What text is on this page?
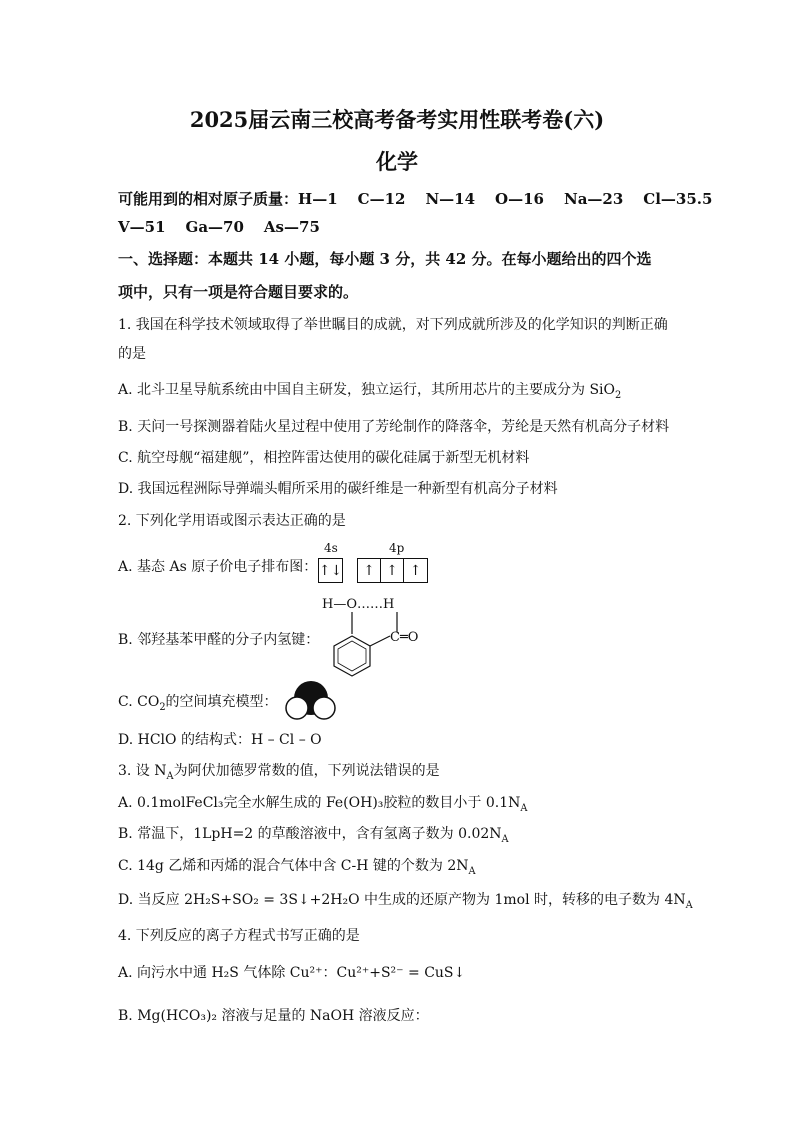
2025届云南三校高考备考实用性联考卷(六)
化学
可能用到的相对原子质量：H—1 C—12 N—14 O—16 Na—23 Cl—35.5
V—51 Ga—70 As—75
一、选择题：本题共 14 小题，每小题 3 分，共 42 分。在每小题给出的四个选
项中，只有一项是符合题目要求的。
1. 我国在科学技术领域取得了举世瞩目的成就，对下列成就所涉及的化学知识的判断正确
的是
A. 北斗卫星导航系统由中国自主研发，独立运行，其所用芯片的主要成分为 SiO$_2$
B. 天问一号探测器着陆火星过程中使用了芳纶制作的降落伞，芳纶是天然有机高分子材料
C. 航空母舰“福建舰”，相控阵雷达使用的碳化硅属于新型无机材料
D. 我国远程洲际导弹端头帽所采用的碳纤维是一种新型有机高分子材料
2. 下列化学用语或图示表达正确的是
A. 基态 As 原子价电子排布图：
4s	4p
↑↓	↑ ↑ ↑
B. 邻羟基苯甲醛的分子内氢键：
H—O……H
C═O
C. $CO_2$的空间填充模型：
D. HClO 的结构式：H – Cl – O
3. 设 $N_A$为阿伏加德罗常数的值，下列说法错误的是
A. 0.1molFeCl₃完全水解生成的 Fe(OH)₃胶粒的数目小于 $0.1N_A$
B. 常温下，1LpH=2 的草酸溶液中，含有氢离子数为 $0.02N_A$
C. 14g 乙烯和丙烯的混合气体中含 C-H 键的个数为 $2N_A$
D. 当反应 2H₂S+SO₂ = 3S↓+2H₂O 中生成的还原产物为 1mol 时，转移的电子数为 $4N_A$
4. 下列反应的离子方程式书写正确的是
A. 向污水中通 H₂S 气体除 Cu²⁺：Cu²⁺+S²⁻ = CuS↓
B. Mg(HCO₃)₂ 溶液与足量的 NaOH 溶液反应：
